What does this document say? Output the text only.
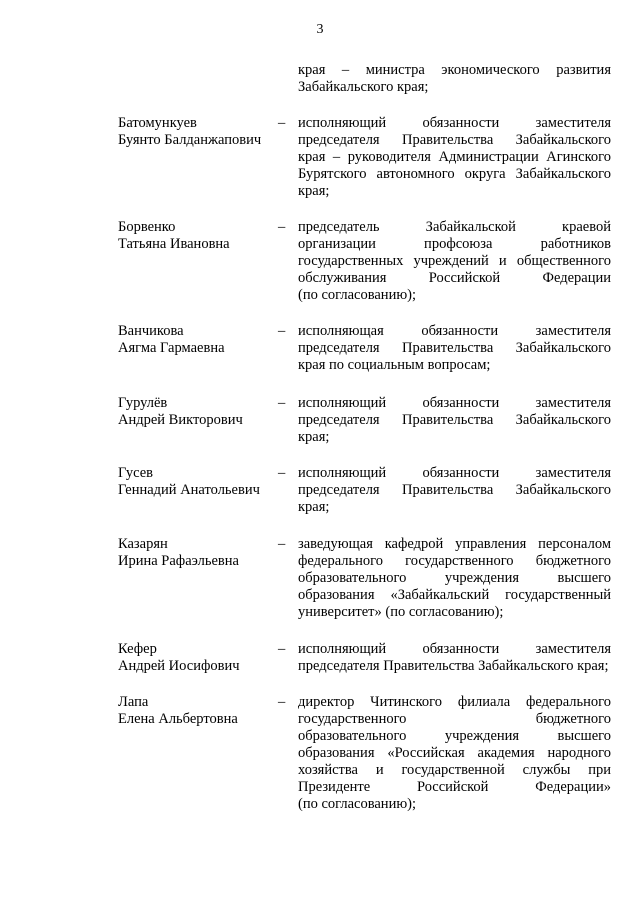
3
края – министра экономического развития
Забайкальского края;
Батомункуев
Буянто Балданжапович
– исполняющий обязанности заместителя
председателя Правительства Забайкальского
края – руководителя Администрации Агинского
Бурятского автономного округа Забайкальского
края;
Борвенко
Татьяна Ивановна
– председатель Забайкальской краевой
организации профсоюза работников
государственных учреждений и общественного
обслуживания Российской Федерации
(по согласованию);
Ванчикова
Аягма Гармаевна
– исполняющая обязанности заместителя
председателя Правительства Забайкальского
края по социальным вопросам;
Гурулёв
Андрей Викторович
– исполняющий обязанности заместителя
председателя Правительства Забайкальского
края;
Гусев
Геннадий Анатольевич
– исполняющий обязанности заместителя
председателя Правительства Забайкальского
края;
Казарян
Ирина Рафаэльевна
– заведующая кафедрой управления персоналом
федерального государственного бюджетного
образовательного учреждения высшего
образования «Забайкальский государственный
университет» (по согласованию);
Кефер
Андрей Иосифович
– исполняющий обязанности заместителя
председателя Правительства Забайкальского края;
Лапа
Елена Альбертовна
– директор Читинского филиала федерального
государственного бюджетного
образовательного учреждения высшего
образования «Российская академия народного
хозяйства и государственной службы при
Президенте Российской Федерации»
(по согласованию);
